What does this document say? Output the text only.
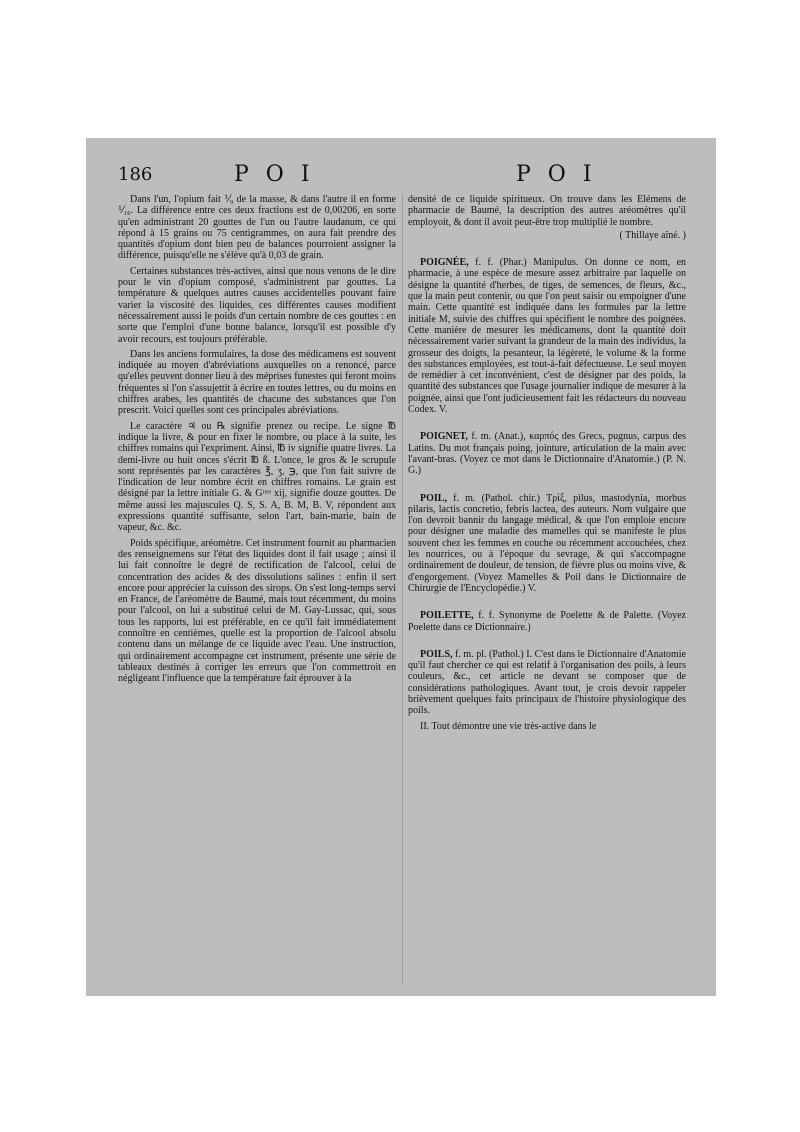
186	P O I	P O I

Dans l'un, l'opium fait ⅟₉ de la masse, & dans l'autre il en forme ⅟₁₆. La différence entre ces deux fractions est de 0,00206, en sorte qu'en administrant 20 gouttes de l'un ou l'autre laudanum, ce qui répond à 15 grains ou 75 centigrammes, on aura fait prendre des quantités d'opium dont bien peu de balances pourroient assigner la différence, puisqu'elle ne s'élève qu'à 0,03 de grain.

Certaines substances très-actives, ainsi que nous venons de le dire pour le vin d'opium composé, s'administrent par gouttes. La température & quelques autres causes accidentelles pouvant faire varier la viscosité des liquides, ces différentes causes modifient nécessairement aussi le poids d'un certain nombre de ces gouttes : en sorte que l'emploi d'une bonne balance, lorsqu'il est possible d'y avoir recours, est toujours préférable.

Dans les anciens formulaires, la dose des médicamens est souvent indiquée au moyen d'abréviations auxquelles on a renoncé, parce qu'elles peuvent donner lieu à des méprises funestes qui feront moins fréquentes si l'on s'assujettit à écrire en toutes lettres, ou du moins en chiffres arabes, les quantités de chacune des substances que l'on prescrit. Voici quelles sont ces principales abréviations.

Le caractère ♃ ou ℞ signifie prenez ou recipe. Le signe ℔ indique la livre, & pour en fixer le nombre, ou place à la suite, les chiffres romains qui l'expriment. Ainsi, ℔ iv signifie quatre livres. La demi-livre ou huit onces s'écrit ℔ ß. L'once, le gros & le scrupule sont représentés par les caractères ℥, ʒ, ℈, que l'on fait suivre de l'indication de leur nombre écrit en chiffres romains. Le grain est désigné par la lettre initiale G. & Gᵗᵗᵉˢ xij, signifie douze gouttes. De même aussi les majuscules Q. S, S. A, B. M, B. V, répondent aux expressions quantité suffisante, selon l'art, bain-marie, bain de vapeur, &c. &c.

Poids spécifique, aréomètre. Cet instrument fournit au pharmacien des renseignemens sur l'état des liquides dont il fait usage ; ainsi il lui fait connoître le degré de rectification de l'alcool, celui de concentration des acides & des dissolutions salines : enfin il sert encore pour apprécier la cuisson des sirops. On s'est long-temps servi en France, de l'aréomètre de Baumé, mais tout récemment, du moins pour l'alcool, on lui a substitué celui de M. Gay-Lussac, qui, sous tous les rapports, lui est préférable, en ce qu'il fait immédiatement connoître en centièmes, quelle est la proportion de l'alcool absolu contenu dans un mélange de ce liquide avec l'eau. Une instruction, qui ordinairement accompagne cet instrument, présente une série de tableaux destinés à corriger les erreurs que l'on commettroit en négligeant l'influence que la température fait éprouver à la

densité de ce liquide spiritueux. On trouve dans les Elémens de pharmacie de Baumé, la description des autres aréomètres qu'il employoit, & dont il avoit peut-être trop multiplié le nombre.

( Thillaye aîné. )

POIGNÉE, f. f. (Phar.) Manipulus. On donne ce nom, en pharmacie, à une espèce de mesure assez arbitraire par laquelle on désigne la quantité d'herbes, de tiges, de semences, de fleurs, &c., que la main peut contenir, ou que l'on peut saisir ou empoigner d'une main. Cette quantité est indiquée dans les formules par la lettre initiale M, suivie des chiffres qui spécifient le nombre des poignées. Cette manière de mesurer les médicamens, dont la quantité doit nécessairement varier suivant la grandeur de la main des individus, la grosseur des doigts, la pesanteur, la légèreté, le volume & la forme des substances employées, est tout-à-fait défectueuse. Le seul moyen de remédier à cet inconvénient, c'est de désigner par des poids, la quantité des substances que l'usage journalier indique de mesurer à la poignée, ainsi que l'ont judicieusement fait les rédacteurs du nouveau Codex. V.

POIGNET, f. m. (Anat.), καρπός des Grecs, pugnus, carpus des Latins. Du mot français poing, jointure, articulation de la main avec l'avant-bras. (Voyez ce mot dans le Dictionnaire d'Anatomie.) (P. N. G.)

POIL, f. m. (Pathol. chir.) Τρὶξ, pilus, mastodynia, morbus pilaris, lactis concretio, febris lactea, des auteurs. Nom vulgaire que l'on devroit bannir du langage médical, & que l'on emploie encore pour désigner une maladie des mamelles qui se manifeste le plus souvent chez les femmes en couche ou récemment accouchées, chez les nourrices, ou à l'époque du sevrage, & qui s'accompagne ordinairement de douleur, de tension, de fièvre plus ou moins vive, & d'engorgement. (Voyez Mamelles & Poil dans le Dictionnaire de Chirurgie de l'Encyclopédie.) V.

POILETTE, f. f. Synonyme de Poelette & de Palette. (Voyez Poelette dans ce Dictionnaire.)

POILS, f. m. pl. (Pathol.) I. C'est dans le Dictionnaire d'Anatomie qu'il faut chercher ce qui est relatif à l'organisation des poils, à leurs couleurs, &c., cet article ne devant se composer que de considérations pathologiques. Avant tout, je crois devoir rappeler brièvement quelques faits principaux de l'histoire physiologique des poils.

II. Tout démontre une vie très-active dans le
